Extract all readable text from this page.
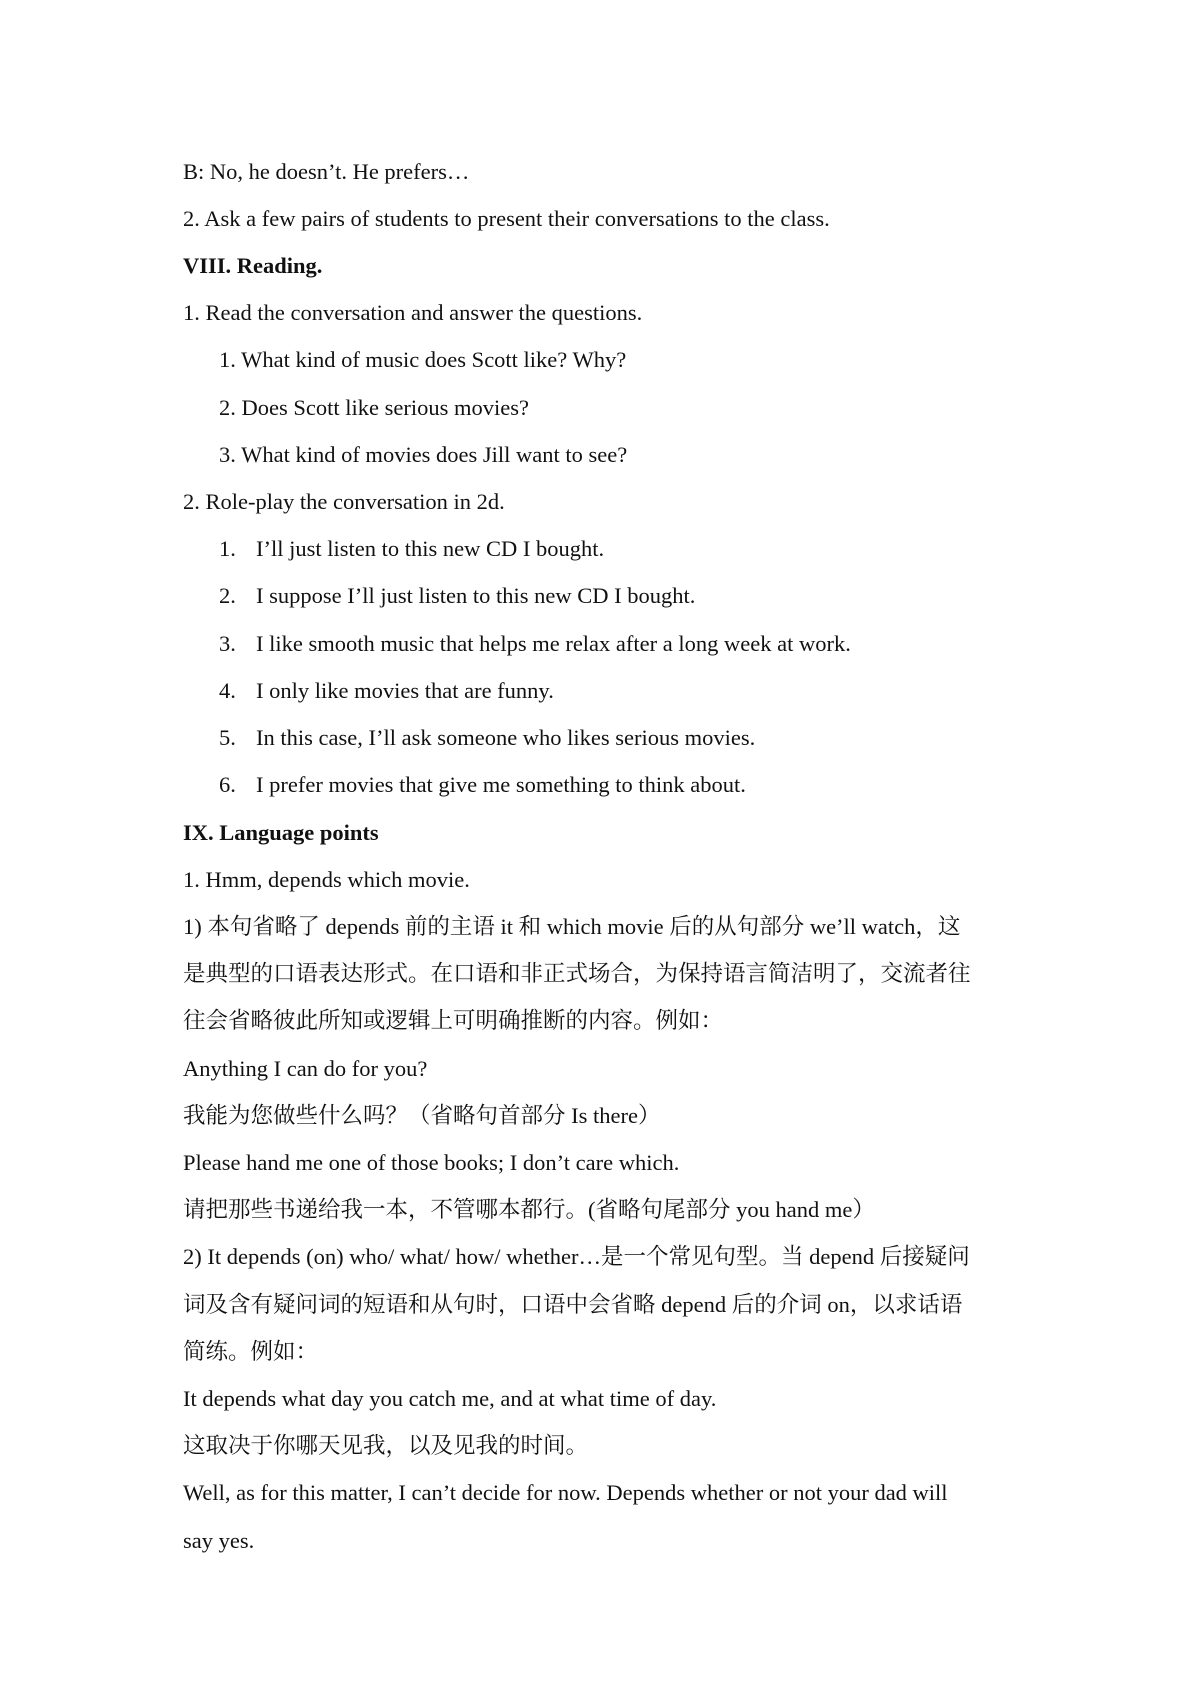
B: No, he doesn’t. He prefers…
2. Ask a few pairs of students to present their conversations to the class.
VIII. Reading.
1. Read the conversation and answer the questions.
1. What kind of music does Scott like? Why?
2. Does Scott like serious movies?
3. What kind of movies does Jill want to see?
2. Role-play the conversation in 2d.
1. I’ll just listen to this new CD I bought.
2. I suppose I’ll just listen to this new CD I bought.
3. I like smooth music that helps me relax after a long week at work.
4. I only like movies that are funny.
5. In this case, I’ll ask someone who likes serious movies.
6. I prefer movies that give me something to think about.
IX. Language points
1. Hmm, depends which movie.
1) 本句省略了 depends 前的主语 it 和 which movie 后的从句部分 we’ll watch，这
是典型的口语表达形式。在口语和非正式场合，为保持语言简洁明了，交流者往
往会省略彼此所知或逻辑上可明确推断的内容。例如：
Anything I can do for you?
我能为您做些什么吗？（省略句首部分 Is there）
Please hand me one of those books; I don’t care which.
请把那些书递给我一本，不管哪本都行。(省略句尾部分 you hand me）
2) It depends (on) who/ what/ how/ whether…是一个常见句型。当 depend 后接疑问
词及含有疑问词的短语和从句时，口语中会省略 depend 后的介词 on，以求话语
简练。例如：
It depends what day you catch me, and at what time of day.
这取决于你哪天见我，以及见我的时间。
Well, as for this matter, I can’t decide for now. Depends whether or not your dad will
say yes.
